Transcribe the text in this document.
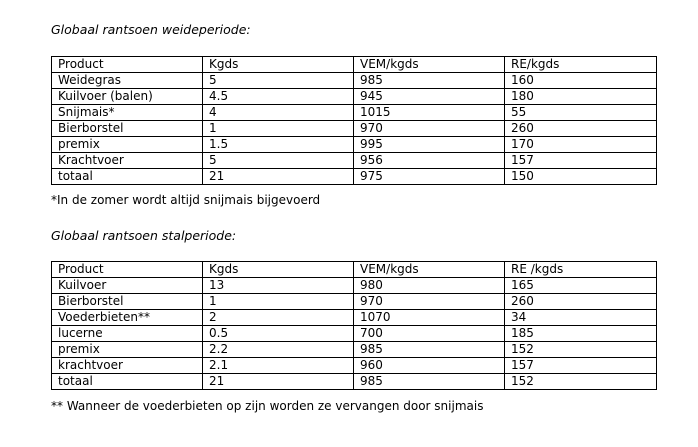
Globaal rantsoen weideperiode:
Product	Kgds	VEM/kgds	RE/kgds
Weidegras	5	985	160
Kuilvoer (balen)	4.5	945	180
Snijmais*	4	1015	55
Bierborstel	1	970	260
premix	1.5	995	170
Krachtvoer	5	956	157
totaal	21	975	150
*In de zomer wordt altijd snijmais bijgevoerd
Globaal rantsoen stalperiode:
Product	Kgds	VEM/kgds	RE /kgds
Kuilvoer	13	980	165
Bierborstel	1	970	260
Voederbieten**	2	1070	34
lucerne	0.5	700	185
premix	2.2	985	152
krachtvoer	2.1	960	157
totaal	21	985	152
** Wanneer de voederbieten op zijn worden ze vervangen door snijmais
